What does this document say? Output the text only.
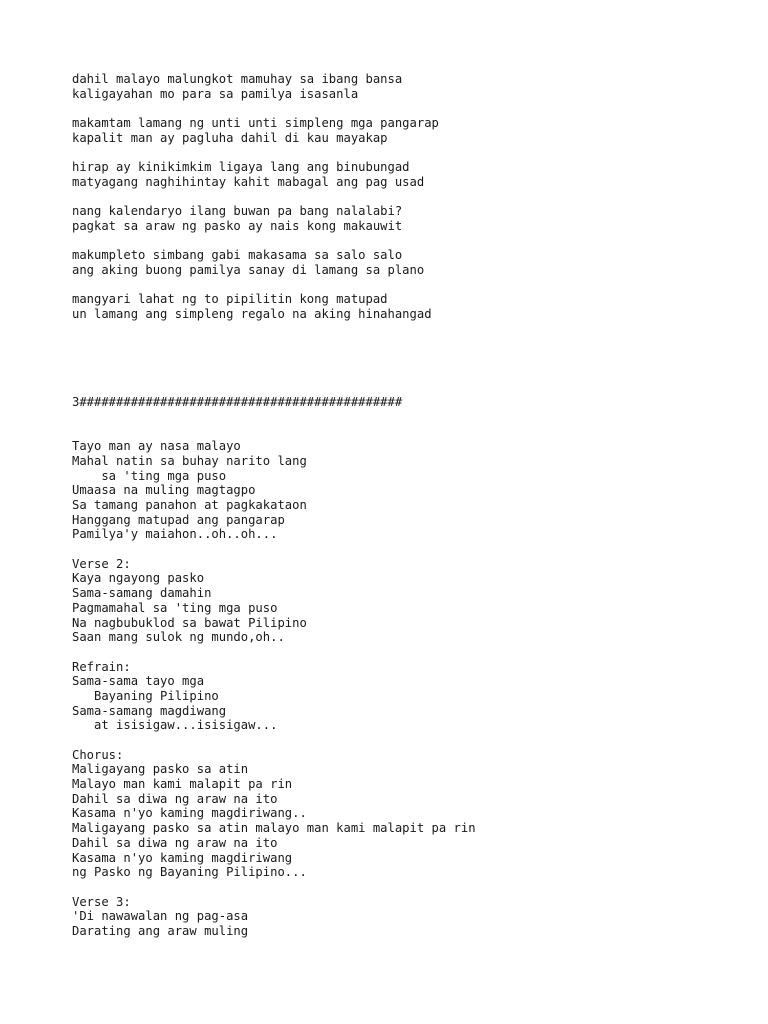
dahil malayo malungkot mamuhay sa ibang bansa
kaligayahan mo para sa pamilya isasanla
makamtam lamang ng unti unti simpleng mga pangarap
kapalit man ay pagluha dahil di kau mayakap
hirap ay kinikimkim ligaya lang ang binubungad
matyagang naghihintay kahit mabagal ang pag usad
nang kalendaryo ilang buwan pa bang nalalabi?
pagkat sa araw ng pasko ay nais kong makauwit
makumpleto simbang gabi makasama sa salo salo
ang aking buong pamilya sanay di lamang sa plano
mangyari lahat ng to pipilitin kong matupad
un lamang ang simpleng regalo na aking hinahangad
3############################################
Tayo man ay nasa malayo
Mahal natin sa buhay narito lang
sa 'ting mga puso
Umaasa na muling magtagpo
Sa tamang panahon at pagkakataon
Hanggang matupad ang pangarap
Pamilya'y maiahon..oh..oh...
Verse 2:
Kaya ngayong pasko
Sama-samang damahin
Pagmamahal sa 'ting mga puso
Na nagbubuklod sa bawat Pilipino
Saan mang sulok ng mundo,oh..
Refrain:
Sama-sama tayo mga
Bayaning Pilipino
Sama-samang magdiwang
at isisigaw...isisigaw...
Chorus:
Maligayang pasko sa atin
Malayo man kami malapit pa rin
Dahil sa diwa ng araw na ito
Kasama n'yo kaming magdiriwang..
Maligayang pasko sa atin malayo man kami malapit pa rin
Dahil sa diwa ng araw na ito
Kasama n'yo kaming magdiriwang
ng Pasko ng Bayaning Pilipino...
Verse 3:
'Di nawawalan ng pag-asa
Darating ang araw muling
